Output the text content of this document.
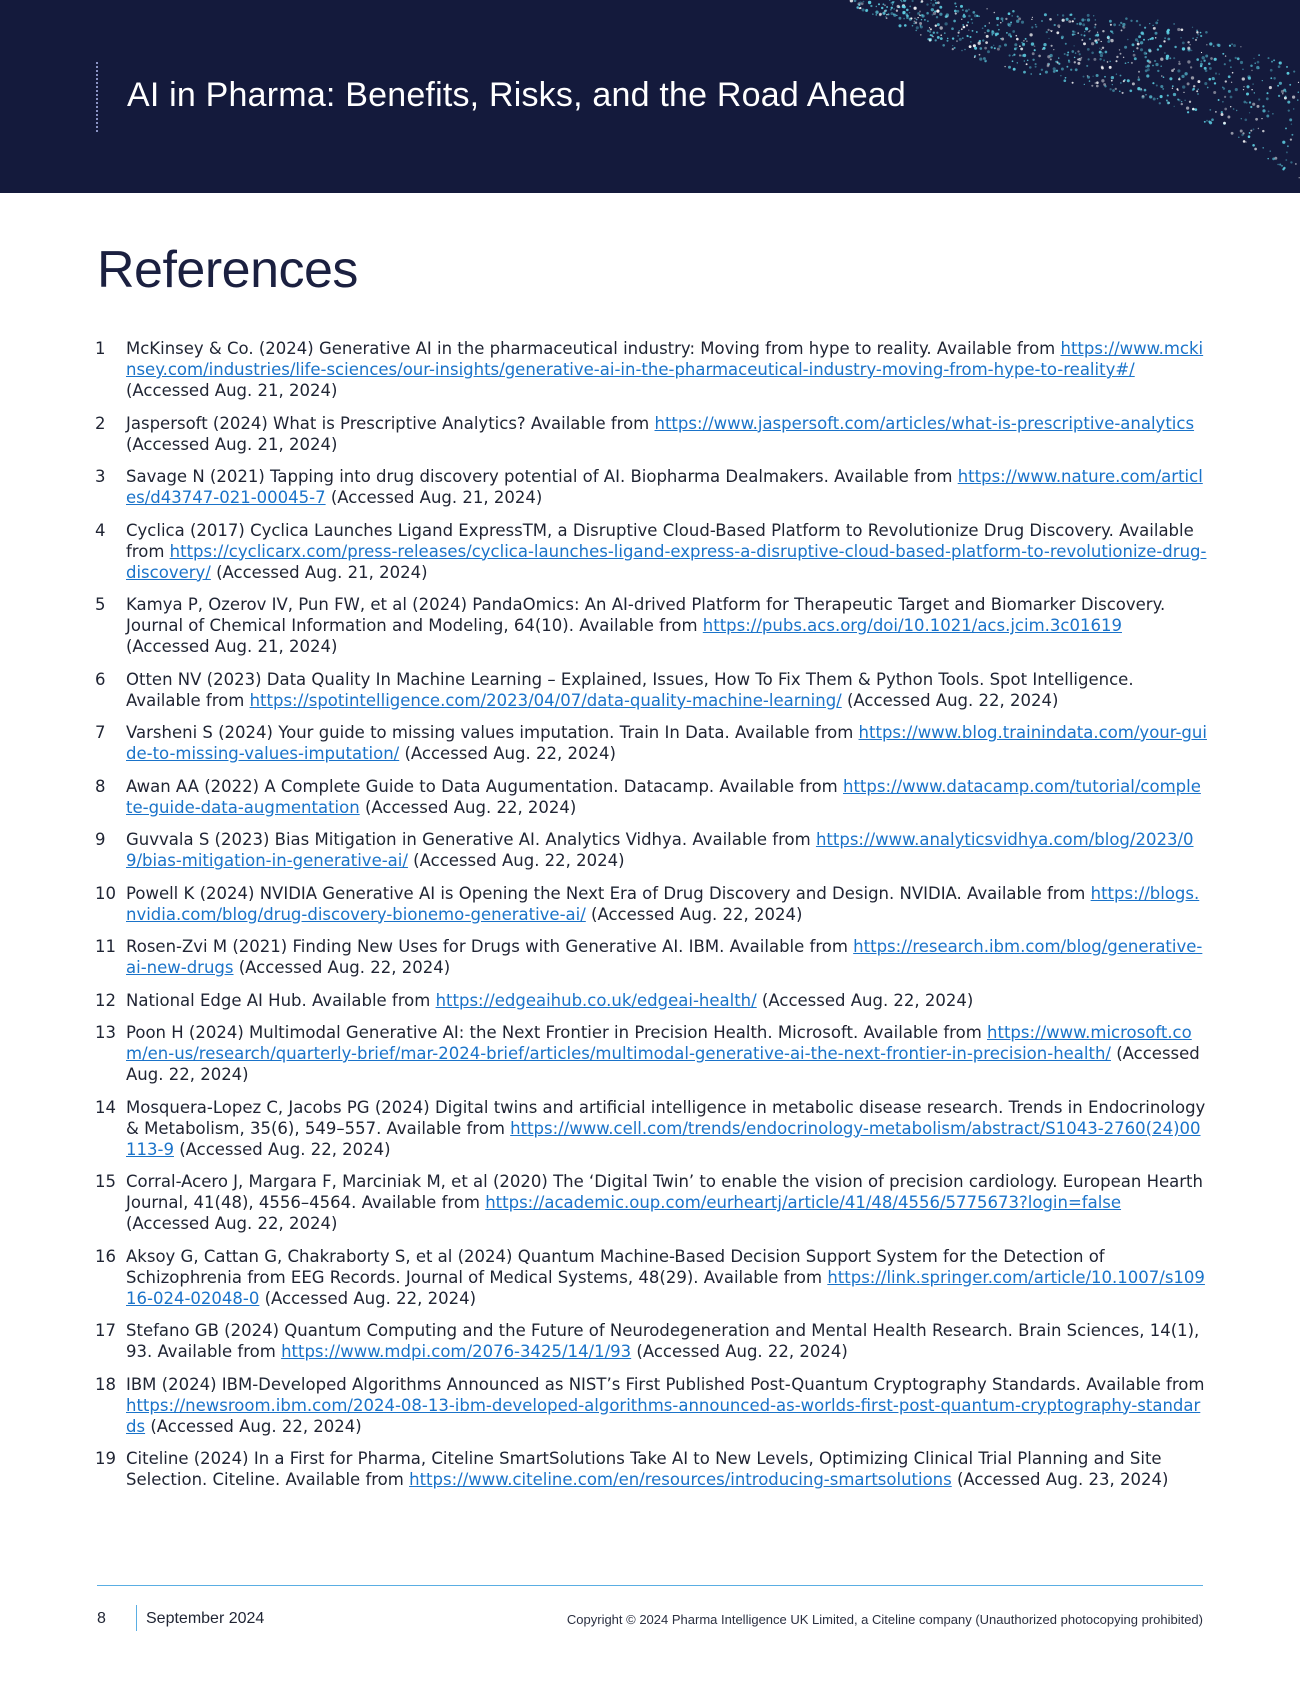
AI in Pharma: Benefits, Risks, and the Road Ahead
References
1 McKinsey & Co. (2024) Generative AI in the pharmaceutical industry: Moving from hype to reality. Available from https://www.mckinsey.com/industries/life-sciences/our-insights/generative-ai-in-the-pharmaceutical-industry-moving-from-hype-to-reality#/ (Accessed Aug. 21, 2024)
2 Jaspersoft (2024) What is Prescriptive Analytics? Available from https://www.jaspersoft.com/articles/what-is-prescriptive-analytics (Accessed Aug. 21, 2024)
3 Savage N (2021) Tapping into drug discovery potential of AI. Biopharma Dealmakers. Available from https://www.nature.com/articles/d43747-021-00045-7 (Accessed Aug. 21, 2024)
4 Cyclica (2017) Cyclica Launches Ligand ExpressTM, a Disruptive Cloud-Based Platform to Revolutionize Drug Discovery. Available from https://cyclicarx.com/press-releases/cyclica-launches-ligand-express-a-disruptive-cloud-based-platform-to-revolutionize-drug-discovery/ (Accessed Aug. 21, 2024)
5 Kamya P, Ozerov IV, Pun FW, et al (2024) PandaOmics: An AI-drived Platform for Therapeutic Target and Biomarker Discovery. Journal of Chemical Information and Modeling, 64(10). Available from https://pubs.acs.org/doi/10.1021/acs.jcim.3c01619 (Accessed Aug. 21, 2024)
6 Otten NV (2023) Data Quality In Machine Learning – Explained, Issues, How To Fix Them & Python Tools. Spot Intelligence. Available from https://spotintelligence.com/2023/04/07/data-quality-machine-learning/ (Accessed Aug. 22, 2024)
7 Varsheni S (2024) Your guide to missing values imputation. Train In Data. Available from https://www.blog.trainindata.com/your-guide-to-missing-values-imputation/ (Accessed Aug. 22, 2024)
8 Awan AA (2022) A Complete Guide to Data Augumentation. Datacamp. Available from https://www.datacamp.com/tutorial/complete-guide-data-augmentation (Accessed Aug. 22, 2024)
9 Guvvala S (2023) Bias Mitigation in Generative AI. Analytics Vidhya. Available from https://www.analyticsvidhya.com/blog/2023/09/bias-mitigation-in-generative-ai/ (Accessed Aug. 22, 2024)
10 Powell K (2024) NVIDIA Generative AI is Opening the Next Era of Drug Discovery and Design. NVIDIA. Available from https://blogs.nvidia.com/blog/drug-discovery-bionemo-generative-ai/ (Accessed Aug. 22, 2024)
11 Rosen-Zvi M (2021) Finding New Uses for Drugs with Generative AI. IBM. Available from https://research.ibm.com/blog/generative-ai-new-drugs (Accessed Aug. 22, 2024)
12 National Edge AI Hub. Available from https://edgeaihub.co.uk/edgeai-health/ (Accessed Aug. 22, 2024)
13 Poon H (2024) Multimodal Generative AI: the Next Frontier in Precision Health. Microsoft. Available from https://www.microsoft.com/en-us/research/quarterly-brief/mar-2024-brief/articles/multimodal-generative-ai-the-next-frontier-in-precision-health/ (Accessed Aug. 22, 2024)
14 Mosquera-Lopez C, Jacobs PG (2024) Digital twins and artificial intelligence in metabolic disease research. Trends in Endocrinology & Metabolism, 35(6), 549–557. Available from https://www.cell.com/trends/endocrinology-metabolism/abstract/S1043-2760(24)00113-9 (Accessed Aug. 22, 2024)
15 Corral-Acero J, Margara F, Marciniak M, et al (2020) The ‘Digital Twin’ to enable the vision of precision cardiology. European Hearth Journal, 41(48), 4556–4564. Available from https://academic.oup.com/eurheartj/article/41/48/4556/5775673?login=false (Accessed Aug. 22, 2024)
16 Aksoy G, Cattan G, Chakraborty S, et al (2024) Quantum Machine-Based Decision Support System for the Detection of Schizophrenia from EEG Records. Journal of Medical Systems, 48(29). Available from https://link.springer.com/article/10.1007/s10916-024-02048-0 (Accessed Aug. 22, 2024)
17 Stefano GB (2024) Quantum Computing and the Future of Neurodegeneration and Mental Health Research. Brain Sciences, 14(1), 93. Available from https://www.mdpi.com/2076-3425/14/1/93 (Accessed Aug. 22, 2024)
18 IBM (2024) IBM-Developed Algorithms Announced as NIST’s First Published Post-Quantum Cryptography Standards. Available from https://newsroom.ibm.com/2024-08-13-ibm-developed-algorithms-announced-as-worlds-first-post-quantum-cryptography-standards (Accessed Aug. 22, 2024)
19 Citeline (2024) In a First for Pharma, Citeline SmartSolutions Take AI to New Levels, Optimizing Clinical Trial Planning and Site Selection. Citeline. Available from https://www.citeline.com/en/resources/introducing-smartsolutions (Accessed Aug. 23, 2024)
8	September 2024	Copyright © 2024 Pharma Intelligence UK Limited, a Citeline company (Unauthorized photocopying prohibited)
